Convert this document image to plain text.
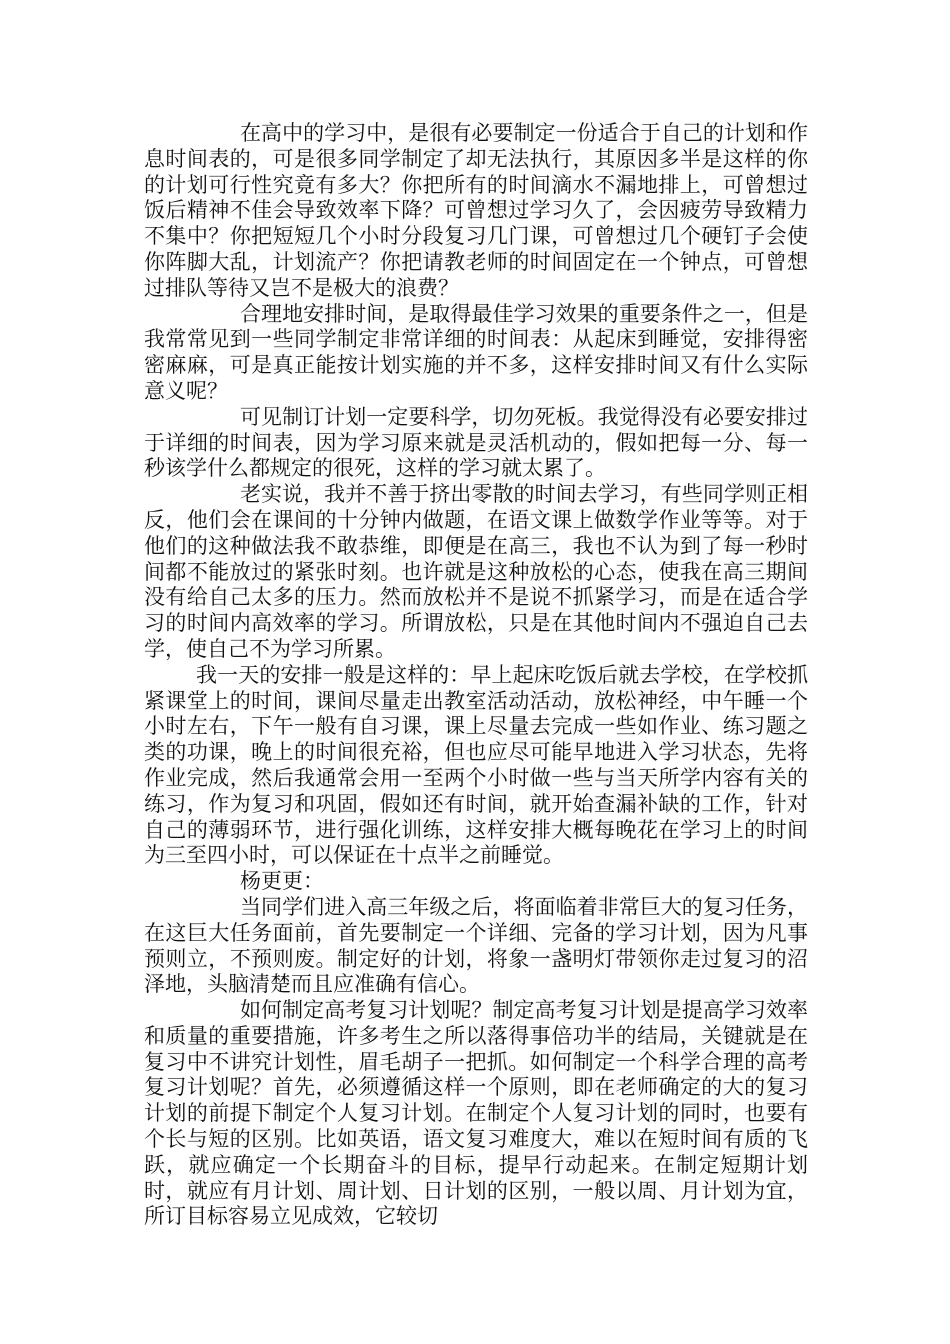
在高中的学习中，是很有必要制定一份适合于自己的计划和作息时间表的，可是很多同学制定了却无法执行，其原因多半是这样的你的计划可行性究竟有多大？你把所有的时间滴水不漏地排上，可曾想过饭后精神不佳会导致效率下降？可曾想过学习久了，会因疲劳导致精力不集中？你把短短几个小时分段复习几门课，可曾想过几个硬钉子会使你阵脚大乱，计划流产？你把请教老师的时间固定在一个钟点，可曾想过排队等待又岂不是极大的浪费？

合理地安排时间，是取得最佳学习效果的重要条件之一，但是我常常见到一些同学制定非常详细的时间表：从起床到睡觉，安排得密密麻麻，可是真正能按计划实施的并不多，这样安排时间又有什么实际意义呢？

可见制订计划一定要科学，切勿死板。我觉得没有必要安排过于详细的时间表，因为学习原来就是灵活机动的，假如把每一分、每一秒该学什么都规定的很死，这样的学习就太累了。

老实说，我并不善于挤出零散的时间去学习，有些同学则正相反，他们会在课间的十分钟内做题，在语文课上做数学作业等等。对于他们的这种做法我不敢恭维，即便是在高三，我也不认为到了每一秒时间都不能放过的紧张时刻。也许就是这种放松的心态，使我在高三期间没有给自己太多的压力。然而放松并不是说不抓紧学习，而是在适合学习的时间内高效率的学习。所谓放松，只是在其他时间内不强迫自己去学，使自己不为学习所累。

我一天的安排一般是这样的：早上起床吃饭后就去学校，在学校抓紧课堂上的时间，课间尽量走出教室活动活动，放松神经，中午睡一个小时左右，下午一般有自习课，课上尽量去完成一些如作业、练习题之类的功课，晚上的时间很充裕，但也应尽可能早地进入学习状态，先将作业完成，然后我通常会用一至两个小时做一些与当天所学内容有关的练习，作为复习和巩固，假如还有时间，就开始查漏补缺的工作，针对自己的薄弱环节，进行强化训练，这样安排大概每晚花在学习上的时间为三至四小时，可以保证在十点半之前睡觉。

杨更更：

当同学们进入高三年级之后，将面临着非常巨大的复习任务，在这巨大任务面前，首先要制定一个详细、完备的学习计划，因为凡事预则立，不预则废。制定好的计划，将象一盏明灯带领你走过复习的沼泽地，头脑清楚而且应准确有信心。

如何制定高考复习计划呢？制定高考复习计划是提高学习效率和质量的重要措施，许多考生之所以落得事倍功半的结局，关键就是在复习中不讲究计划性，眉毛胡子一把抓。如何制定一个科学合理的高考复习计划呢？首先，必须遵循这样一个原则，即在老师确定的大的复习计划的前提下制定个人复习计划。在制定个人复习计划的同时，也要有个长与短的区别。比如英语，语文复习难度大，难以在短时间有质的飞跃，就应确定一个长期奋斗的目标，提早行动起来。在制定短期计划时，就应有月计划、周计划、日计划的区别，一般以周、月计划为宜，所订目标容易立见成效，它较切
